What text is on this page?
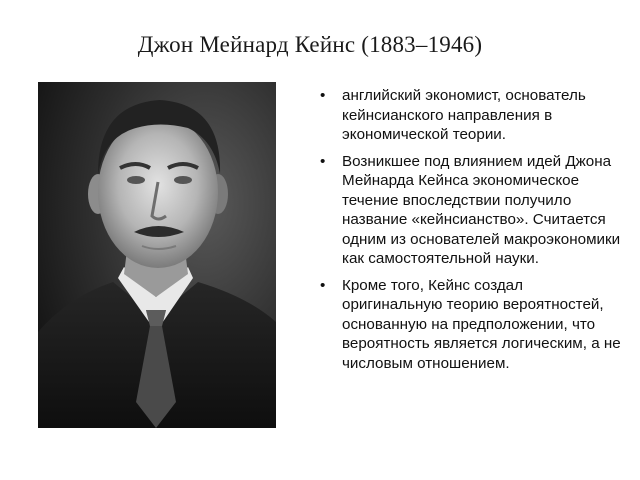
Джон Мейнард Кейнс (1883–1946)
• английский экономист, основатель кейнсианского направления в экономической теории.
• Возникшее под влиянием идей Джона Мейнарда Кейнса экономическое течение впоследствии получило название «кейнсианство». Считается одним из основателей макроэкономики как самостоятельной науки.
• Кроме того, Кейнс создал оригинальную теорию вероятностей, основанную на предположении, что вероятность является логическим, а не числовым отношением.
